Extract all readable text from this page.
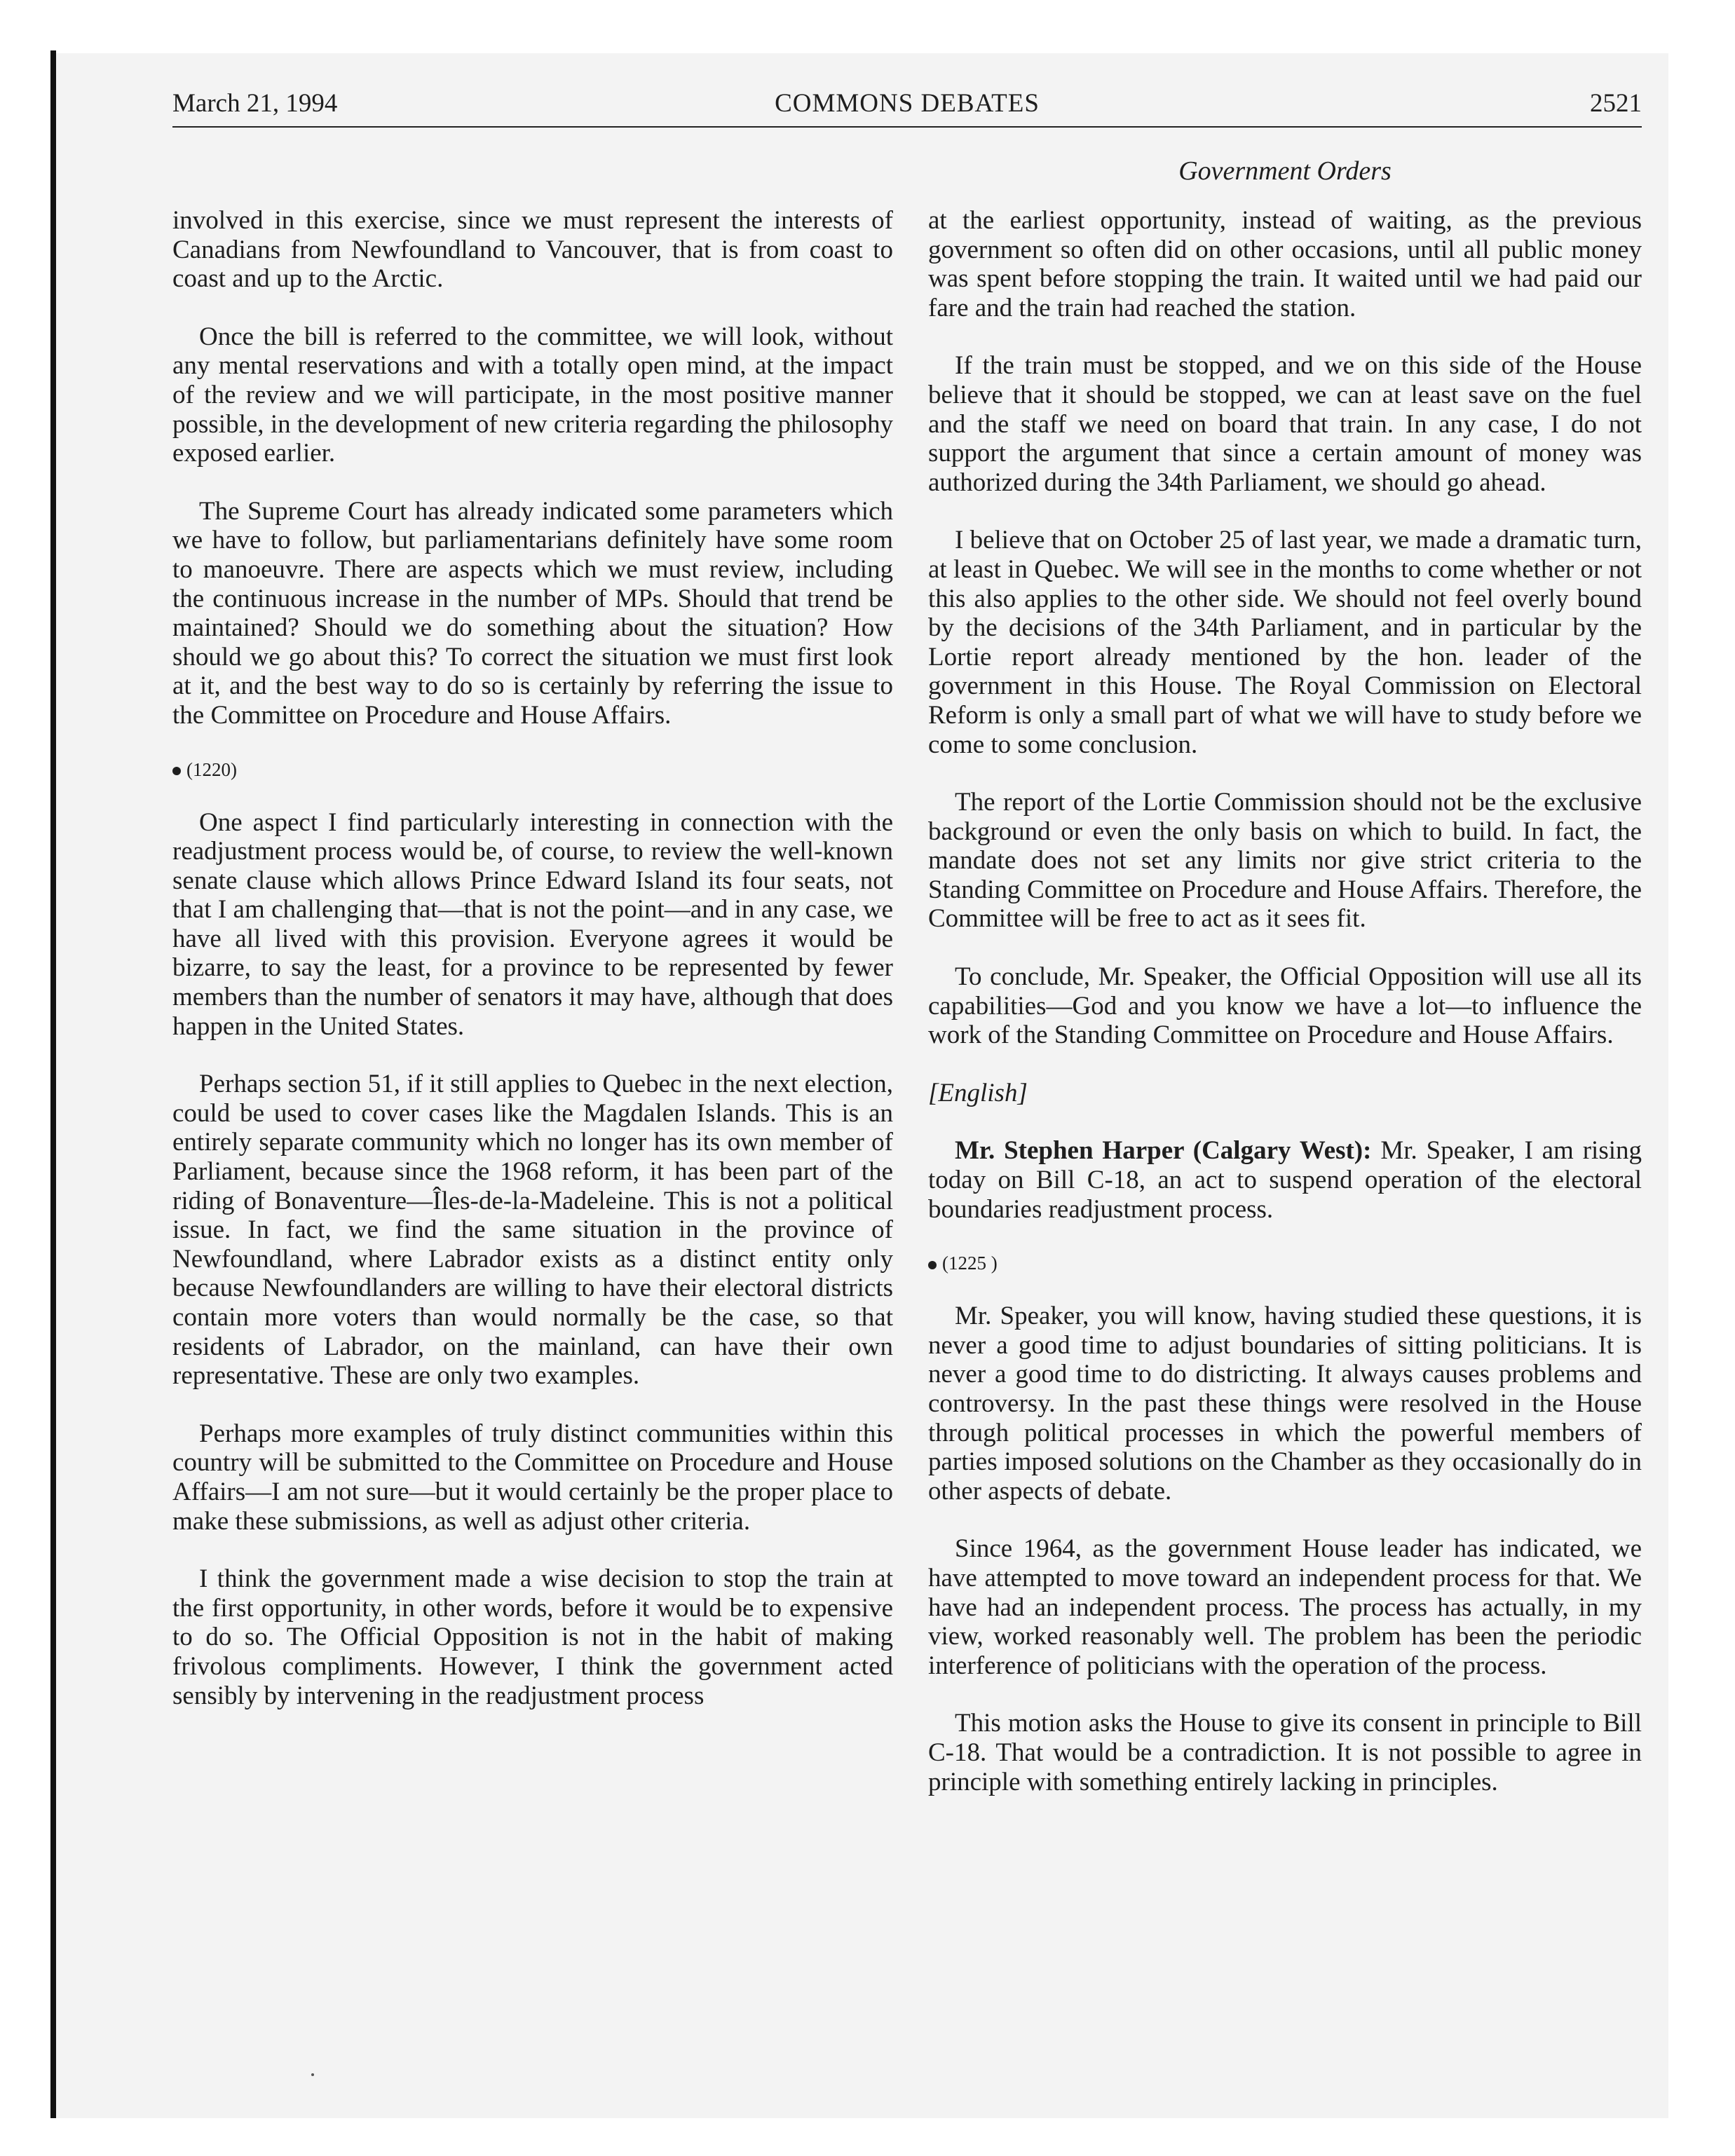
March 21, 1994	COMMONS DEBATES	2521
Government Orders

involved in this exercise, since we must represent the interests of Canadians from Newfoundland to Vancouver, that is from coast to coast and up to the Arctic.

Once the bill is referred to the committee, we will look, without any mental reservations and with a totally open mind, at the impact of the review and we will participate, in the most positive manner possible, in the development of new criteria regarding the philosophy exposed earlier.

The Supreme Court has already indicated some parameters which we have to follow, but parliamentarians definitely have some room to manoeuvre. There are aspects which we must review, including the continuous increase in the number of MPs. Should that trend be maintained? Should we do something about the situation? How should we go about this? To correct the situation we must first look at it, and the best way to do so is certainly by referring the issue to the Committee on Procedure and House Affairs.

(1220)

One aspect I find particularly interesting in connection with the readjustment process would be, of course, to review the well-known senate clause which allows Prince Edward Island its four seats, not that I am challenging that—that is not the point—and in any case, we have all lived with this provision. Everyone agrees it would be bizarre, to say the least, for a province to be represented by fewer members than the number of senators it may have, although that does happen in the United States.

Perhaps section 51, if it still applies to Quebec in the next election, could be used to cover cases like the Magdalen Islands. This is an entirely separate community which no longer has its own member of Parliament, because since the 1968 reform, it has been part of the riding of Bonaventure—Îles-de-la-Madeleine. This is not a political issue. In fact, we find the same situation in the province of Newfoundland, where Labrador exists as a distinct entity only because Newfoundlanders are willing to have their electoral districts contain more voters than would normally be the case, so that residents of Labrador, on the mainland, can have their own representative. These are only two examples.

Perhaps more examples of truly distinct communities within this country will be submitted to the Committee on Procedure and House Affairs—I am not sure—but it would certainly be the proper place to make these submissions, as well as adjust other criteria.

I think the government made a wise decision to stop the train at the first opportunity, in other words, before it would be to expensive to do so. The Official Opposition is not in the habit of making frivolous compliments. However, I think the government acted sensibly by intervening in the readjustment process

at the earliest opportunity, instead of waiting, as the previous government so often did on other occasions, until all public money was spent before stopping the train. It waited until we had paid our fare and the train had reached the station.

If the train must be stopped, and we on this side of the House believe that it should be stopped, we can at least save on the fuel and the staff we need on board that train. In any case, I do not support the argument that since a certain amount of money was authorized during the 34th Parliament, we should go ahead.

I believe that on October 25 of last year, we made a dramatic turn, at least in Quebec. We will see in the months to come whether or not this also applies to the other side. We should not feel overly bound by the decisions of the 34th Parliament, and in particular by the Lortie report already mentioned by the hon. leader of the government in this House. The Royal Commission on Electoral Reform is only a small part of what we will have to study before we come to some conclusion.

The report of the Lortie Commission should not be the exclusive background or even the only basis on which to build. In fact, the mandate does not set any limits nor give strict criteria to the Standing Committee on Procedure and House Affairs. Therefore, the Committee will be free to act as it sees fit.

To conclude, Mr. Speaker, the Official Opposition will use all its capabilities—God and you know we have a lot—to influence the work of the Standing Committee on Procedure and House Affairs.

[English]

Mr. Stephen Harper (Calgary West): Mr. Speaker, I am rising today on Bill C-18, an act to suspend operation of the electoral boundaries readjustment process.

(1225 )

Mr. Speaker, you will know, having studied these questions, it is never a good time to adjust boundaries of sitting politicians. It is never a good time to do districting. It always causes problems and controversy. In the past these things were resolved in the House through political processes in which the powerful members of parties imposed solutions on the Chamber as they occasionally do in other aspects of debate.

Since 1964, as the government House leader has indicated, we have attempted to move toward an independent process for that. We have had an independent process. The process has actually, in my view, worked reasonably well. The problem has been the periodic interference of politicians with the operation of the process.

This motion asks the House to give its consent in principle to Bill C-18. That would be a contradiction. It is not possible to agree in principle with something entirely lacking in principles.
